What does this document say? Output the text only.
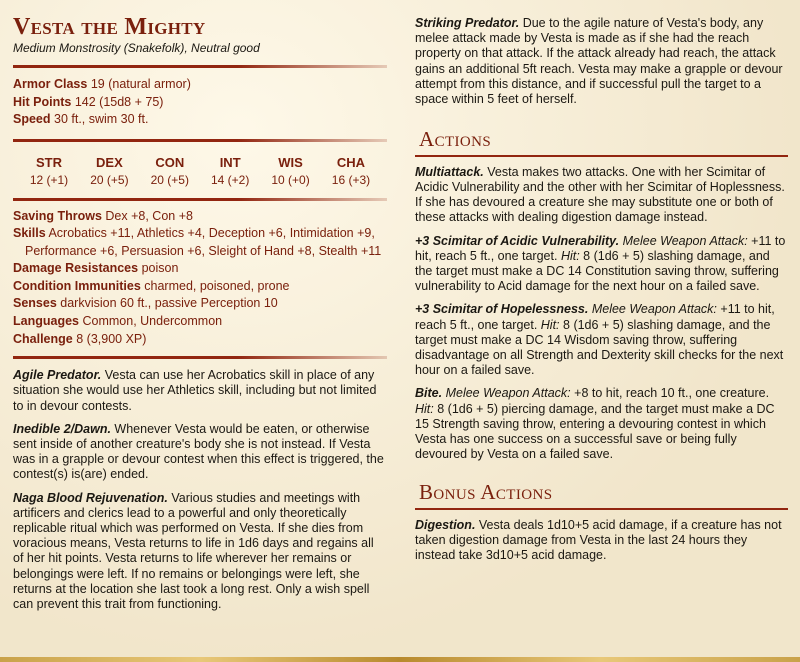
Vesta the Mighty
Medium Monstrosity (Snakefolk), Neutral good
Armor Class 19 (natural armor)
Hit Points 142 (15d8 + 75)
Speed 30 ft., swim 30 ft.
STR
12 (+1)
DEX
20 (+5)
CON
20 (+5)
INT
14 (+2)
WIS
10 (+0)
CHA
16 (+3)
Saving Throws Dex +8, Con +8
Skills Acrobatics +11, Athletics +4, Deception +6, Intimidation +9, Performance +6, Persuasion +6, Sleight of Hand +8, Stealth +11
Damage Resistances poison
Condition Immunities charmed, poisoned, prone
Senses darkvision 60 ft., passive Perception 10
Languages Common, Undercommon
Challenge 8 (3,900 XP)
Agile Predator. Vesta can use her Acrobatics skill in place of any situation she would use her Athletics skill, including but not limited to in devour contests.
Inedible 2/Dawn. Whenever Vesta would be eaten, or otherwise sent inside of another creature's body she is not instead. If Vesta was in a grapple or devour contest when this effect is triggered, the contest(s) is(are) ended.
Naga Blood Rejuvenation. Various studies and meetings with artificers and clerics lead to a powerful and only theoretically replicable ritual which was performed on Vesta. If she dies from voracious means, Vesta returns to life in 1d6 days and regains all of her hit points. Vesta returns to life wherever her remains or belongings were left. If no remains or belongings were left, she returns at the location she last took a long rest. Only a wish spell can prevent this trait from functioning.
Striking Predator. Due to the agile nature of Vesta's body, any melee attack made by Vesta is made as if she had the reach property on that attack. If the attack already had reach, the attack gains an additional 5ft reach. Vesta may make a grapple or devour attempt from this distance, and if successful pull the target to a space within 5 feet of herself.
Actions
Multiattack. Vesta makes two attacks. One with her Scimitar of Acidic Vulnerability and the other with her Scimitar of Hoplessness. If she has devoured a creature she may substitute one or both of these attacks with dealing digestion damage instead.
+3 Scimitar of Acidic Vulnerability. Melee Weapon Attack: +11 to hit, reach 5 ft., one target. Hit: 8 (1d6 + 5) slashing damage, and the target must make a DC 14 Constitution saving throw, suffering vulnerability to Acid damage for the next hour on a failed save.
+3 Scimitar of Hopelessness. Melee Weapon Attack: +11 to hit, reach 5 ft., one target. Hit: 8 (1d6 + 5) slashing damage, and the target must make a DC 14 Wisdom saving throw, suffering disadvantage on all Strength and Dexterity skill checks for the next hour on a failed save.
Bite. Melee Weapon Attack: +8 to hit, reach 10 ft., one creature. Hit: 8 (1d6 + 5) piercing damage, and the target must make a DC 15 Strength saving throw, entering a devouring contest in which Vesta has one success on a successful save or being fully devoured by Vesta on a failed save.
Bonus Actions
Digestion. Vesta deals 1d10+5 acid damage, if a creature has not taken digestion damage from Vesta in the last 24 hours they instead take 3d10+5 acid damage.
